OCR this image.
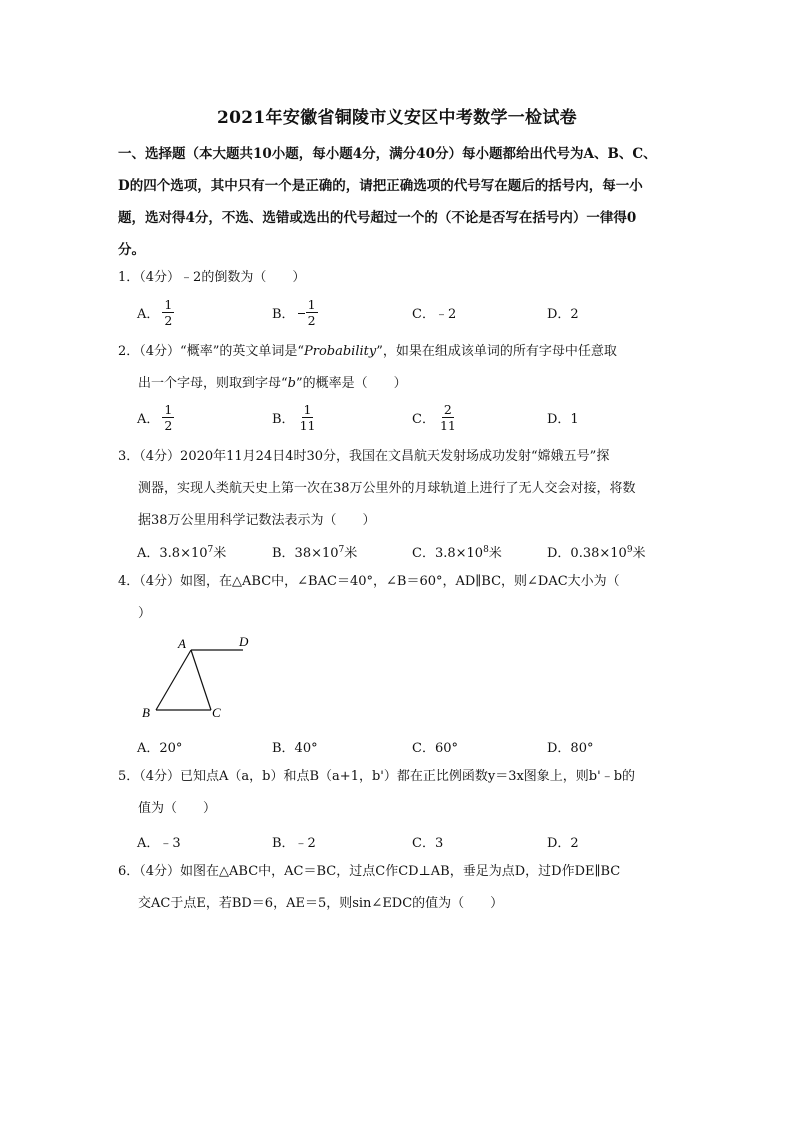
2021年安徽省铜陵市义安区中考数学一检试卷
一、选择题（本大题共10小题，每小题4分，满分40分）每小题都给出代号为A、B、C、
D的四个选项，其中只有一个是正确的，请把正确选项的代号写在题后的括号内，每一小
题，选对得4分，不选、选错或选出的代号超过一个的（不论是否写在括号内）一律得0
分。
1．（4分）﹣2的倒数为（　　）
A． $\frac{1}{2}$	B． $\frac{1}{2}$	C．﹣2	D．2
2．（4分）“概率”的英文单词是“Probability”，如果在组成该单词的所有字母中任意取
出一个字母，则取到字母“b”的概率是（　　）
A． $\frac{1}{2}$	B． $\frac{1}{11}$	C． $\frac{2}{11}$	D．1
3．（4分）2020年11月24日4时30分，我国在文昌航天发射场成功发射“嫦娥五号”探
测器，实现人类航天史上第一次在38万公里外的月球轨道上进行了无人交会对接，将数
据38万公里用科学记数法表示为（　　）
A．$3.8\times 10^7$ 米	B．$38\times 10^7$ 米	C．$3.8\times 10^8$ 米	D．$0.38\times 10^9$ 米
4．（4分）如图，在△ABC中，∠BAC＝40°，∠B＝60°，AD∥BC，则∠DAC大小为（
）
A	D
B	C
A．20°	B．40°	C．60°	D．80°
5．（4分）已知点A（a，b）和点B（a+1，b'）都在正比例函数y＝3x图象上，则b'﹣b的
值为（　　）
A．﹣3	B．﹣2	C．3	D．2
6．（4分）如图在△ABC中，AC＝BC，过点C作CD⊥AB，垂足为点D，过D作DE∥BC
交AC于点E，若BD＝6，AE＝5，则sin∠EDC的值为（　　）
